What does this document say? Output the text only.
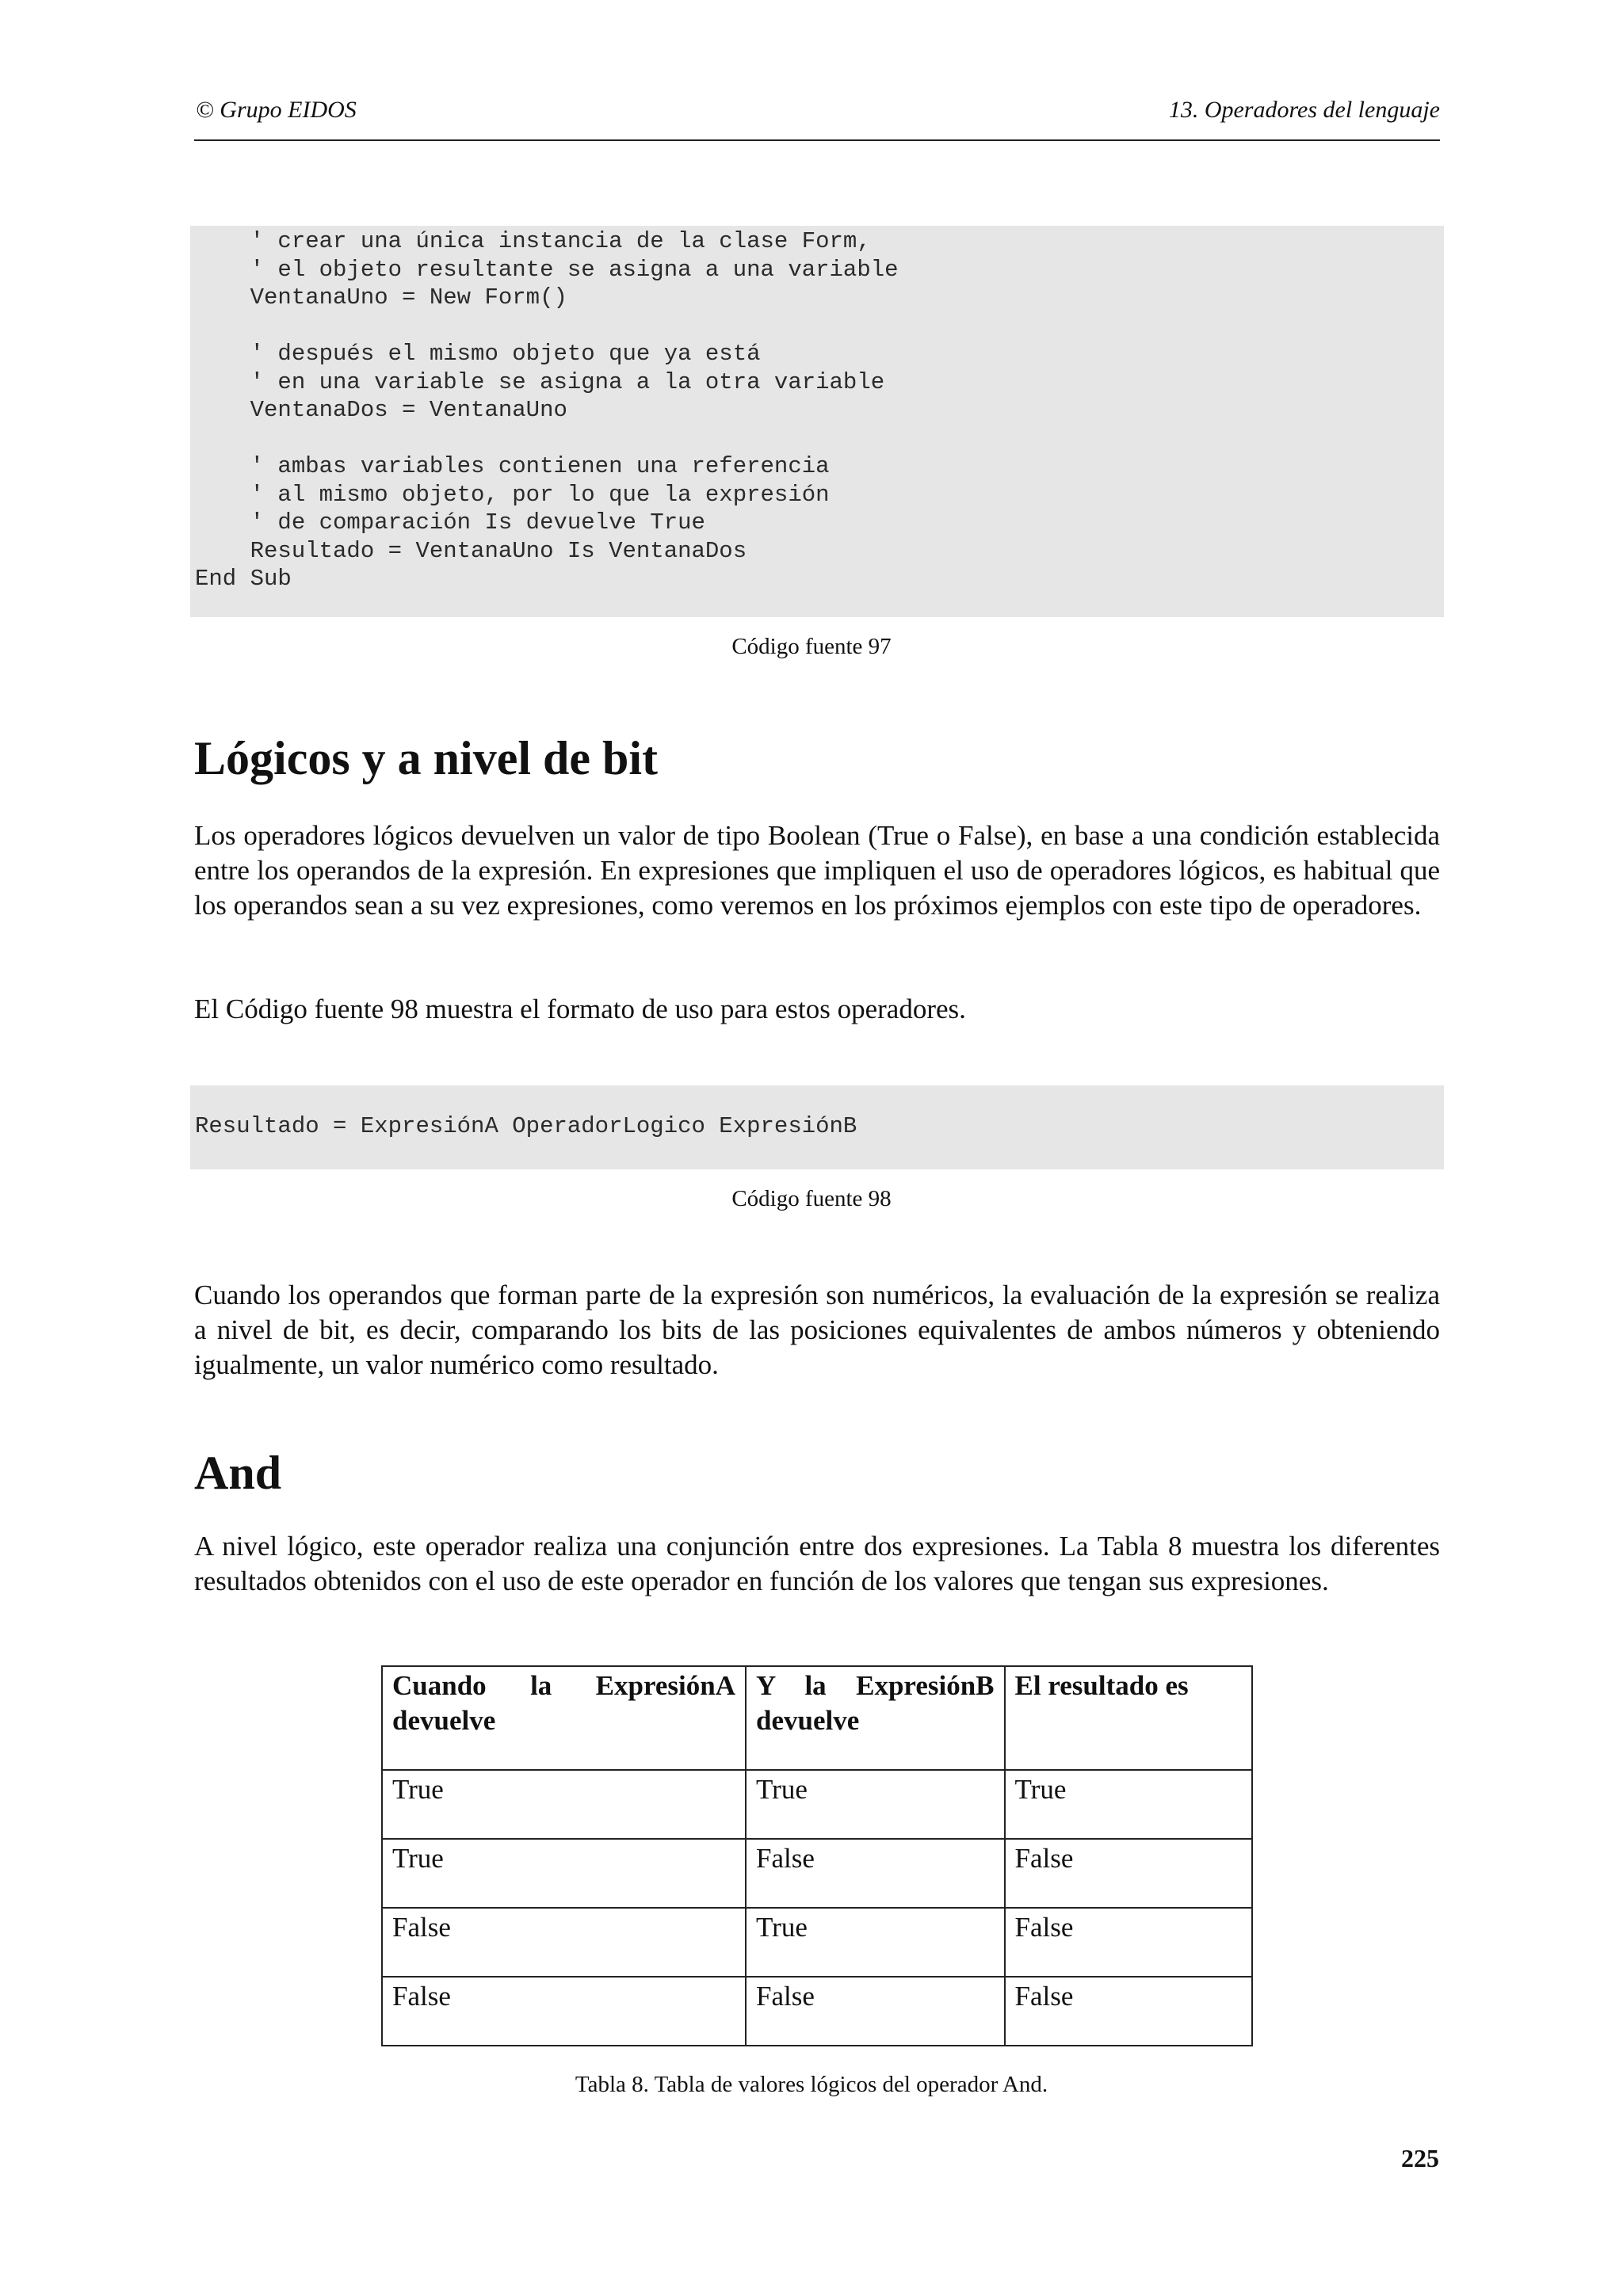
© Grupo EIDOS	13. Operadores del lenguaje
' crear una única instancia de la clase Form,
' el objeto resultante se asigna a una variable
VentanaUno = New Form()

' después el mismo objeto que ya está
' en una variable se asigna a la otra variable
VentanaDos = VentanaUno

' ambas variables contienen una referencia
' al mismo objeto, por lo que la expresión
' de comparación Is devuelve True
Resultado = VentanaUno Is VentanaDos
End Sub
Código fuente 97
Lógicos y a nivel de bit
Los operadores lógicos devuelven un valor de tipo Boolean (True o False), en base a una condición establecida entre los operandos de la expresión. En expresiones que impliquen el uso de operadores lógicos, es habitual que los operandos sean a su vez expresiones, como veremos en los próximos ejemplos con este tipo de operadores.
El Código fuente 98 muestra el formato de uso para estos operadores.
Resultado = ExpresiónA OperadorLogico ExpresiónB
Código fuente 98
Cuando los operandos que forman parte de la expresión son numéricos, la evaluación de la expresión se realiza a nivel de bit, es decir, comparando los bits de las posiciones equivalentes de ambos números y obteniendo igualmente, un valor numérico como resultado.
And
A nivel lógico, este operador realiza una conjunción entre dos expresiones. La Tabla 8 muestra los diferentes resultados obtenidos con el uso de este operador en función de los valores que tengan sus expresiones.
Cuando la ExpresiónA devuelve	Y la ExpresiónB devuelve	El resultado es
True	True	True
True	False	False
False	True	False
False	False	False
Tabla 8. Tabla de valores lógicos del operador And.
225
